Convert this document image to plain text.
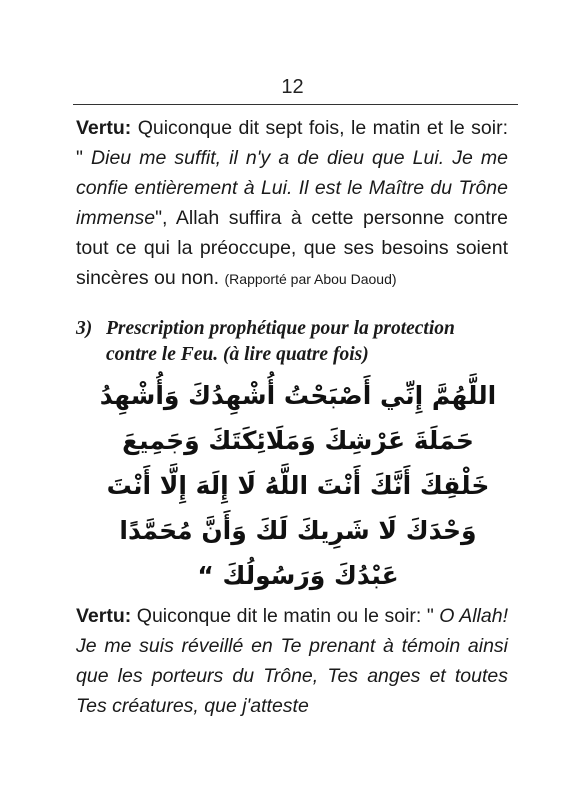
12
Vertu: Quiconque dit sept fois, le matin et le soir: " Dieu me suffit, il n'y a de dieu que Lui. Je me confie entièrement à Lui. Il est le Maître du Trône immense", Allah suffira à cette personne contre tout ce qui la préoccupe, que ses besoins soient sincères ou non. (Rapporté par Abou Daoud)
3) Prescription prophétique pour la protection
contre le Feu. (à lire quatre fois)
اللَّهُمَّ إِنِّي أَصْبَحْتُ أُشْهِدُكَ وَأُشْهِدُ
حَمَلَةَ عَرْشِكَ وَمَلَائِكَتَكَ وَجَمِيعَ
خَلْقِكَ أَنَّكَ أَنْتَ اللَّهُ لَا إِلَهَ إِلَّا أَنْتَ
وَحْدَكَ لَا شَرِيكَ لَكَ وَأَنَّ مُحَمَّدًا
عَبْدُكَ وَرَسُولُكَ “
Vertu: Quiconque dit le matin ou le soir: " O Allah! Je me suis réveillé en Te prenant à témoin ainsi que les porteurs du Trône, Tes anges et toutes Tes créatures, que j'atteste
